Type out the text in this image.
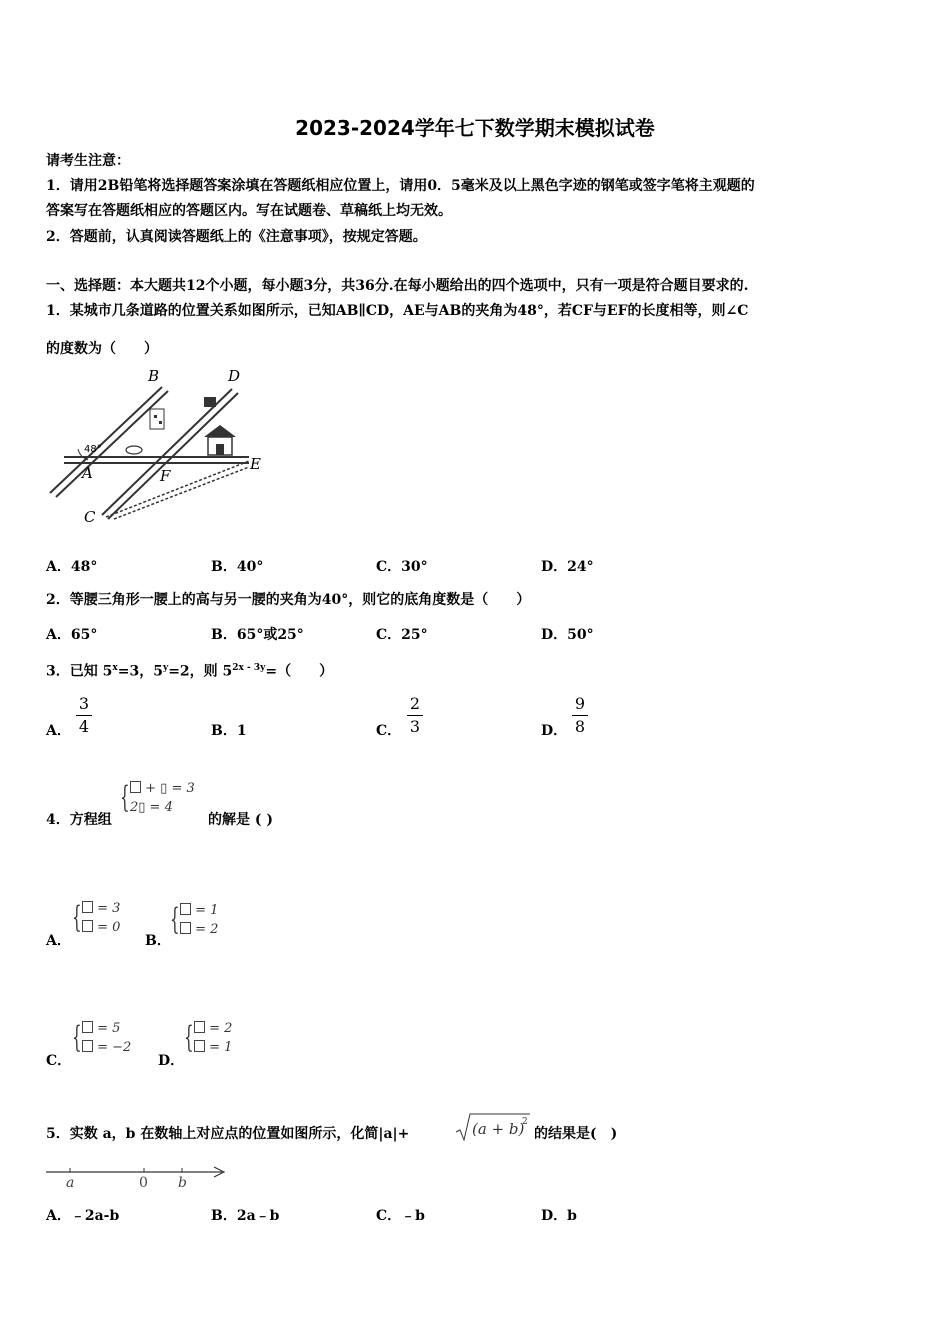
2023-2024学年七下数学期末模拟试卷
请考生注意：
1．请用2B铅笔将选择题答案涂填在答题纸相应位置上，请用0．5毫米及以上黑色字迹的钢笔或签字笔将主观题的
答案写在答题纸相应的答题区内。写在试题卷、草稿纸上均无效。
2．答题前，认真阅读答题纸上的《注意事项》，按规定答题。
一、选择题：本大题共12个小题，每小题3分，共36分.在每小题给出的四个选项中，只有一项是符合题目要求的.
1．某城市几条道路的位置关系如图所示，已知AB∥CD，AE与AB的夹角为48°，若CF与EF的长度相等，则∠C
的度数为（　　）
48°
B	D
A	F
E
C
A．48°	B．40°	C．30°	D．24°
2．等腰三角形一腰上的高与另一腰的夹角为40°，则它的底角度数是（　　）
A．65°	B．65°或25°	C．25°	D．50°
3．已知 $5^x=3$，$5^y=2$，则 $5^{2x - 3y}=$（　　）
A．
3
4	B．1	C．
2
3	D．
9
8
4．方程组
{	+ ▯ = 3
2▯ = 4
的解是 ( )
A．
{	= 3
= 0
B．
{	= 1
= 2
C．
{	= 5
= −2
D．
{	= 2
= 1
5．实数 a，b 在数轴上对应点的位置如图所示，化简|a|+	(a + b)
2
的结果是(　)
a	0 b
A．﹣2a-b	B．2a﹣b	C．﹣b	D．b
